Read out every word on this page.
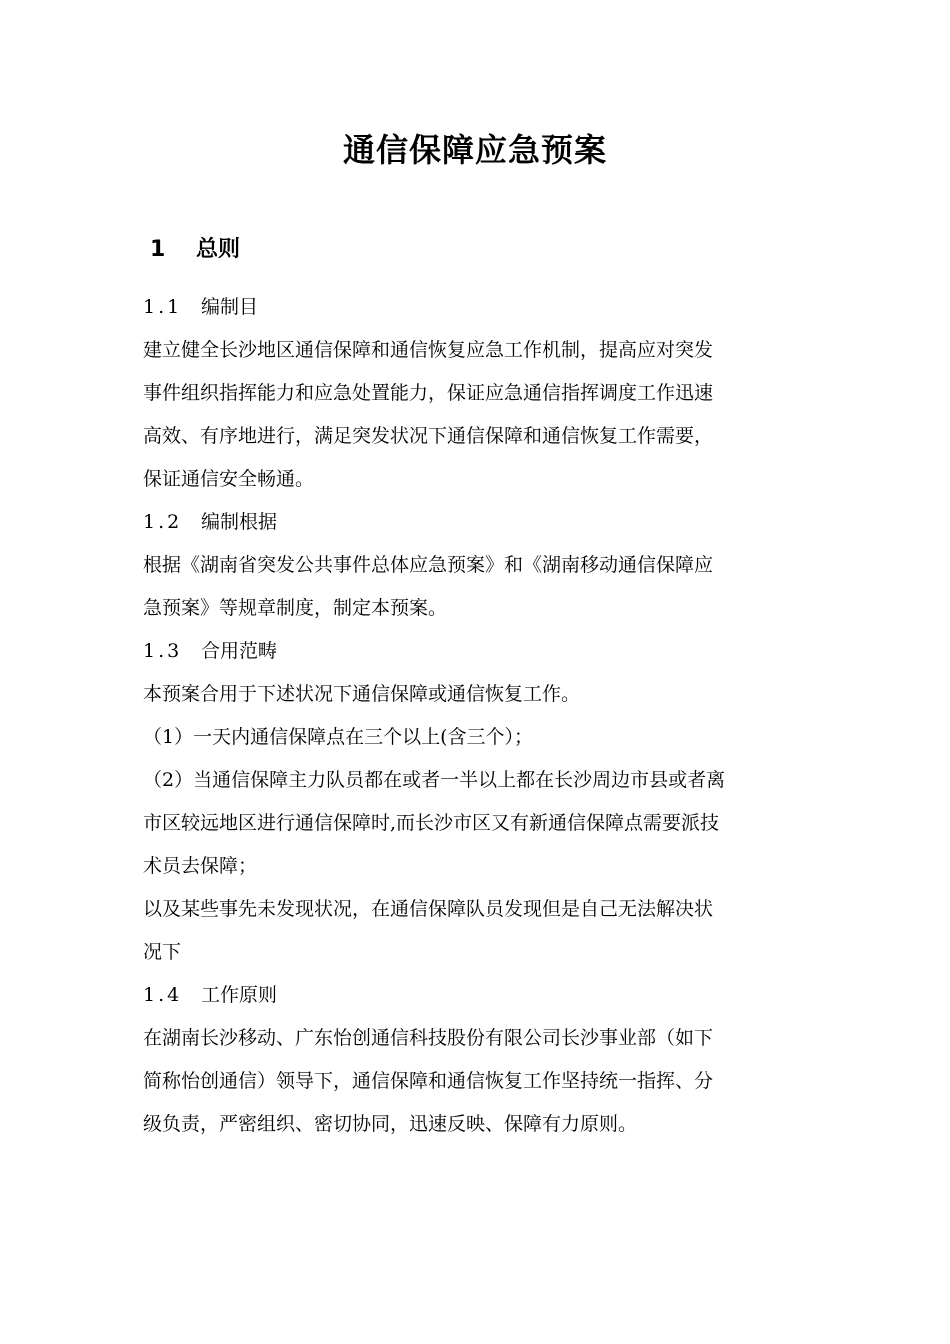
通信保障应急预案
1 总则
1.1 编制目
建立健全长沙地区通信保障和通信恢复应急工作机制，提高应对突发
事件组织指挥能力和应急处置能力，保证应急通信指挥调度工作迅速
高效、有序地进行，满足突发状况下通信保障和通信恢复工作需要，
保证通信安全畅通。
1.2 编制根据
根据《湖南省突发公共事件总体应急预案》和《湖南移动通信保障应
急预案》等规章制度，制定本预案。
1.3 合用范畴
本预案合用于下述状况下通信保障或通信恢复工作。
（1）一天内通信保障点在三个以上(含三个）；
（2）当通信保障主力队员都在或者一半以上都在长沙周边市县或者离
市区较远地区进行通信保障时,而长沙市区又有新通信保障点需要派技
术员去保障；
以及某些事先未发现状况，在通信保障队员发现但是自己无法解决状
况下
1.4 工作原则
在湖南长沙移动、广东怡创通信科技股份有限公司长沙事业部（如下
简称怡创通信）领导下，通信保障和通信恢复工作坚持统一指挥、分
级负责，严密组织、密切协同，迅速反映、保障有力原则。
